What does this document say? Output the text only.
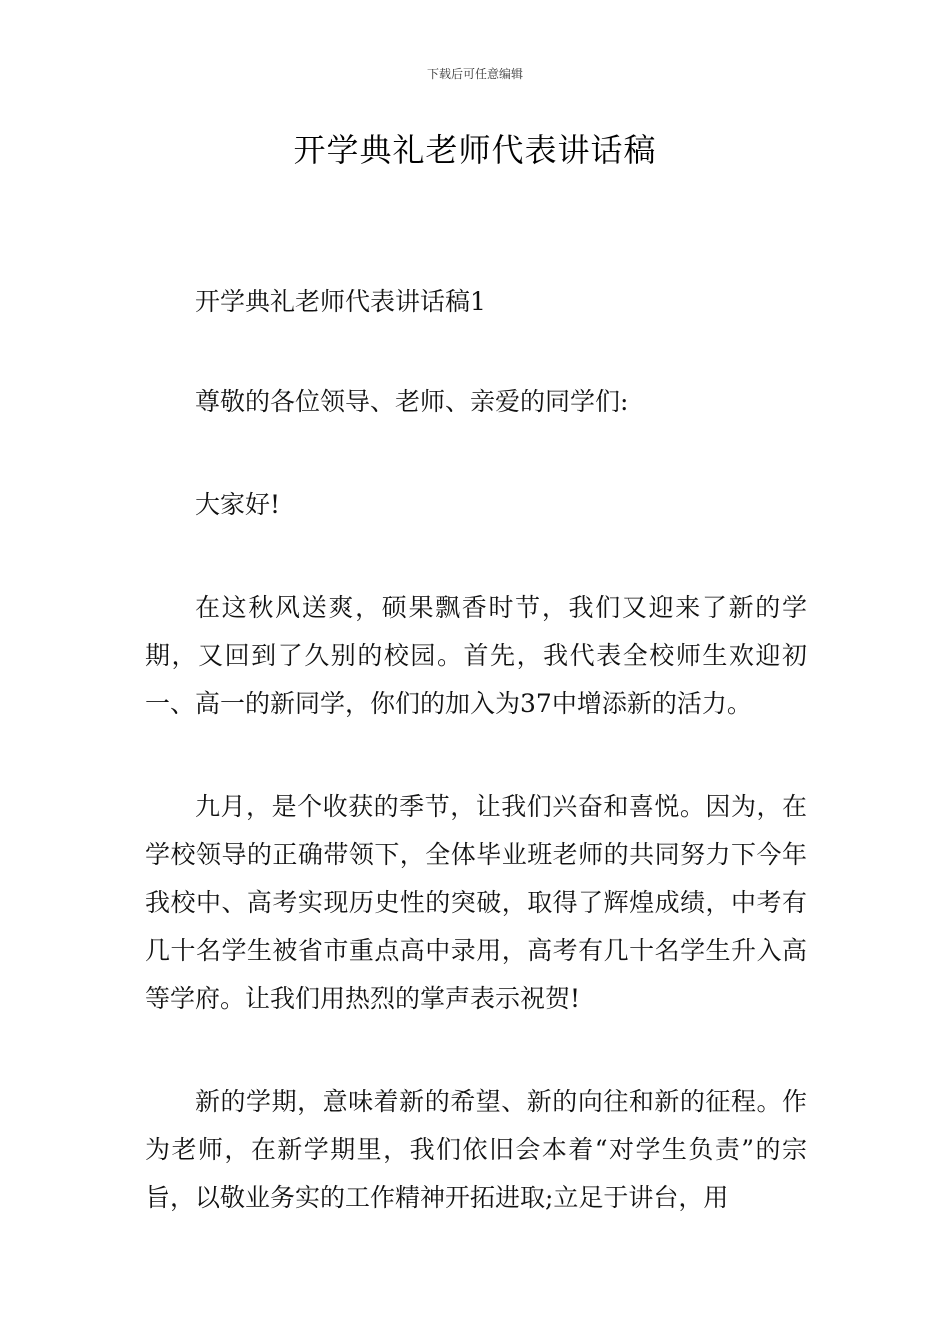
下载后可任意编辑
开学典礼老师代表讲话稿

开学典礼老师代表讲话稿1

尊敬的各位领导、老师、亲爱的同学们:

大家好!

在这秋风送爽，硕果飘香时节，我们又迎来了新的学期，又回到了久别的校园。首先，我代表全校师生欢迎初一、高一的新同学，你们的加入为37中增添新的活力。

九月，是个收获的季节，让我们兴奋和喜悦。因为，在学校领导的正确带领下，全体毕业班老师的共同努力下今年我校中、高考实现历史性的突破，取得了辉煌成绩，中考有几十名学生被省市重点高中录用，高考有几十名学生升入高等学府。让我们用热烈的掌声表示祝贺!

新的学期，意味着新的希望、新的向往和新的征程。作为老师，在新学期里，我们依旧会本着“对学生负责”的宗旨，以敬业务实的工作精神开拓进取;立足于讲台，用
